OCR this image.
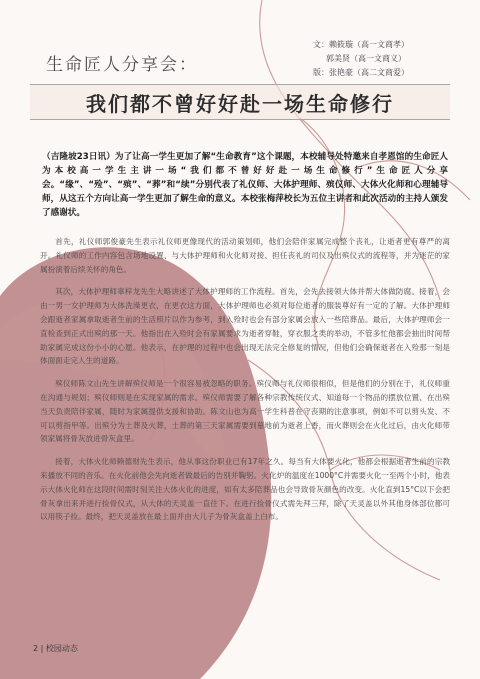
文：赖筱璇（高一文商孝）
郭美贤（高一文商义）
版：张艳豪（高二文商爱）
生命匠人分享会：
我们都不曾好好赴一场生命修行
（吉隆坡23日讯）为了让高一学生更加了解“生命教育”这个课题，本校辅导处特邀来自孝恩馆的生命匠人为本校高一学生主讲一场“我们都不曾好好赴一场生命修行”生命匠人分享会。“缘”、“殓”、“殡”、“葬”和“续”分别代表了礼仪师、大体护理师、殡仪师、大体火化师和心理辅导师，从这五个方向让高一学生更加了解生命的意义。本校张梅萍校长为五位主讲者和此次活动的主持人颁发了感谢状。

首先，礼仪师郭俊豪先生表示礼仪师更像现代的活动策划师，他们会陪伴家属完成整个丧礼，让逝者更有尊严的离开。礼仪师的工作内容包含场地设置、与大体护理师和火化师对接、担任丧礼的司仪及出殡仪式的流程等，并为迷茫的家属扮演着后续关怀的角色。

其次，大体护理师辜梓龙先生大略讲述了大体护理师的工作流程。首先，会先去接领大体并帮大体做防腐。接着，会由一男一女护理师为大体洗澡更衣，在更衣这方面，大体护理师也必须对每位逝者的服装尊好有一定的了解。大体护理师会跟逝者家属拿取逝者生前的生活照片以作为参考，到入殓时也会有部分家属会放入一些陪葬品。最后，大体护理师会一直检查到正式出殡的那一天。他指出在入殓时会有家属要求为逝者穿鞋，穿衣服之类的举动，不管多忙他都会抽出时间帮助家属完成这份小小的心愿。他表示，在护理的过程中也会出现无法完全修复的情况，但他们会确保逝者在入殓那一刻是体面面走完人生的道路。

殡仪师陈文山先生讲解殡仪师是一个很容易被忽略的职务。殡仪师与礼仪师很相似，但是他们的分别在于，礼仪师重在沟通与规划；殡仪师则是在实现家属的需求。殡仪师需要了解各种宗教传统仪式、知道每一个物品的摆放位置、在出殡当天负责陪伴家属，随时为家属提供支援和协助。陈文山也为高一学生科普在守丧期的注意事项，例如不可以剪头发、不可以剪指甲等。出殡分为土葬及火葬，土葬的第三天家属需要到墓地前为逝者上香，而火葬则会在火化过后，由火化师带领家属将骨灰放进骨灰盒里。

接着，大体火化师赖德财先生表示，他从事这份职业已有17年之久。每当有大体要火化，他都会根据逝者生前的宗教来播放不同的音乐。在火化前他会先向逝者做最后的告别并鞠躬。火化炉的温度在1000°C并需要火化一至两个小时，他表示大体火化师在这段时间需时刻关注大体火化的进度，如有太多陪葬品也会导致骨灰颜色的改变。火化直到15°C以下会把骨灰拿出来并进行捡骨仪式，从大体的天灵盖一直往下。在进行捡骨仪式需先拜三拜，除了天灵盖以外其他身体部位都可以用筷子捡。最终，把天灵盖放在最上面并由大儿子为骨灰盒盖上白布。

2 | 校园动态
